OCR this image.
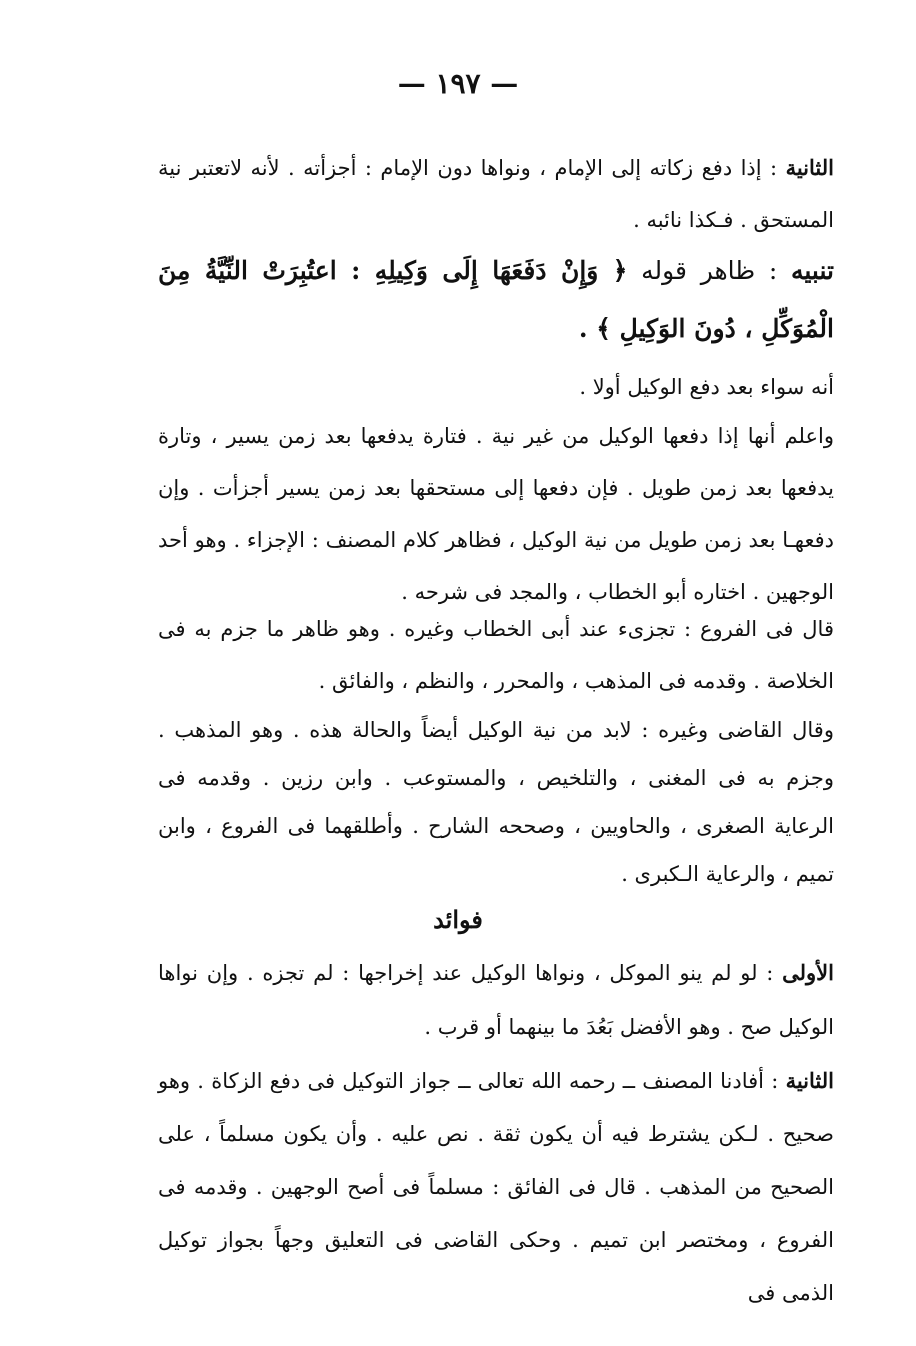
— ١٩٧ —

الثانية : إذا دفع زكاته إلى الإمام ، ونواها دون الإمام : أجزأته . لأنه لاتعتبر نية المستحق . فـكذا نائبه .

تنبيه : ظاهر قوله ﴿ وَإِنْ دَفَعَهَا إِلَى وَكِيلِهِ : اعتُبِرَتْ النِّيَّةُ مِنَ الْمُوَكِّلِ ، دُونَ الوَكِيلِ ﴾ .

أنه سواء بعد دفع الوكيل أولا .

واعلم أنها إذا دفعها الوكيل من غير نية . فتارة يدفعها بعد زمن يسير ، وتارة يدفعها بعد زمن طويل . فإن دفعها إلى مستحقها بعد زمن يسير أجزأت . وإن دفعهـا بعد زمن طويل من نية الوكيل ، فظاهر كلام المصنف : الإجزاء . وهو أحد الوجهين . اختاره أبو الخطاب ، والمجد فى شرحه .

قال فى الفروع : تجزىء عند أبى الخطاب وغيره . وهو ظاهر ما جزم به فى الخلاصة . وقدمه فى المذهب ، والمحرر ، والنظم ، والفائق .

وقال القاضى وغيره : لابد من نية الوكيل أيضاً والحالة هذه . وهو المذهب . وجزم به فى المغنى ، والتلخيص ، والمستوعب . وابن رزين . وقدمه فى الرعاية الصغرى ، والحاويين ، وصححه الشارح . وأطلقهما فى الفروع ، وابن تميم ، والرعاية الـكبرى .

فوائد

الأولى : لو لم ينو الموكل ، ونواها الوكيل عند إخراجها : لم تجزه . وإن نواها الوكيل صح . وهو الأفضل بَعُدَ ما بينهما أو قرب .

الثانية : أفادنا المصنف ــ رحمه الله تعالى ــ جواز التوكيل فى دفع الزكاة . وهو صحيح . لـكن يشترط فيه أن يكون ثقة . نص عليه . وأن يكون مسلماً ، على الصحيح من المذهب . قال فى الفائق : مسلماً فى أصح الوجهين . وقدمه فى الفروع ، ومختصر ابن تميم . وحكى القاضى فى التعليق وجهاً بجواز توكيل الذمى فى
